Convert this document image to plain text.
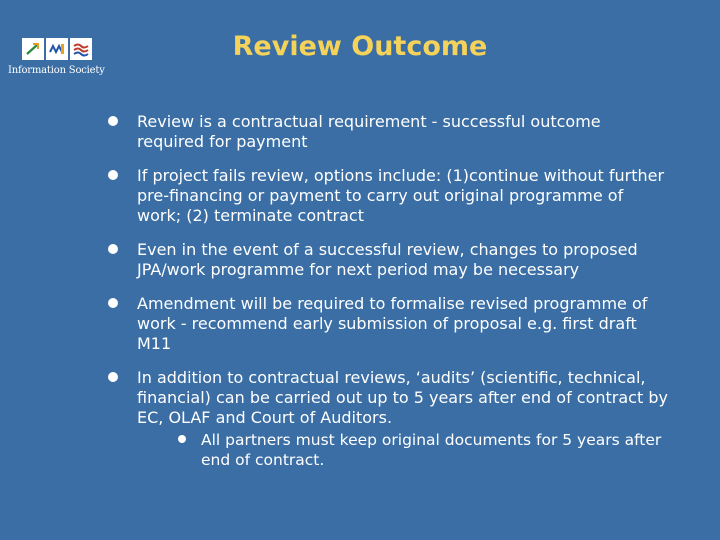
Information Society
Review Outcome
Review is a contractual requirement - successful outcome required for payment
If project fails review, options include: (1)continue without further pre-financing or payment to carry out original programme of work; (2) terminate contract
Even in the event of a successful review, changes to proposed JPA/work programme for next period may be necessary
Amendment will be required to formalise revised programme of work - recommend early submission of proposal e.g. first draft M11
In addition to contractual reviews, ‘audits’ (scientific, technical, financial) can be carried out up to 5 years after end of contract by EC, OLAF and Court of Auditors.
All partners must keep original documents for 5 years after end of contract.
